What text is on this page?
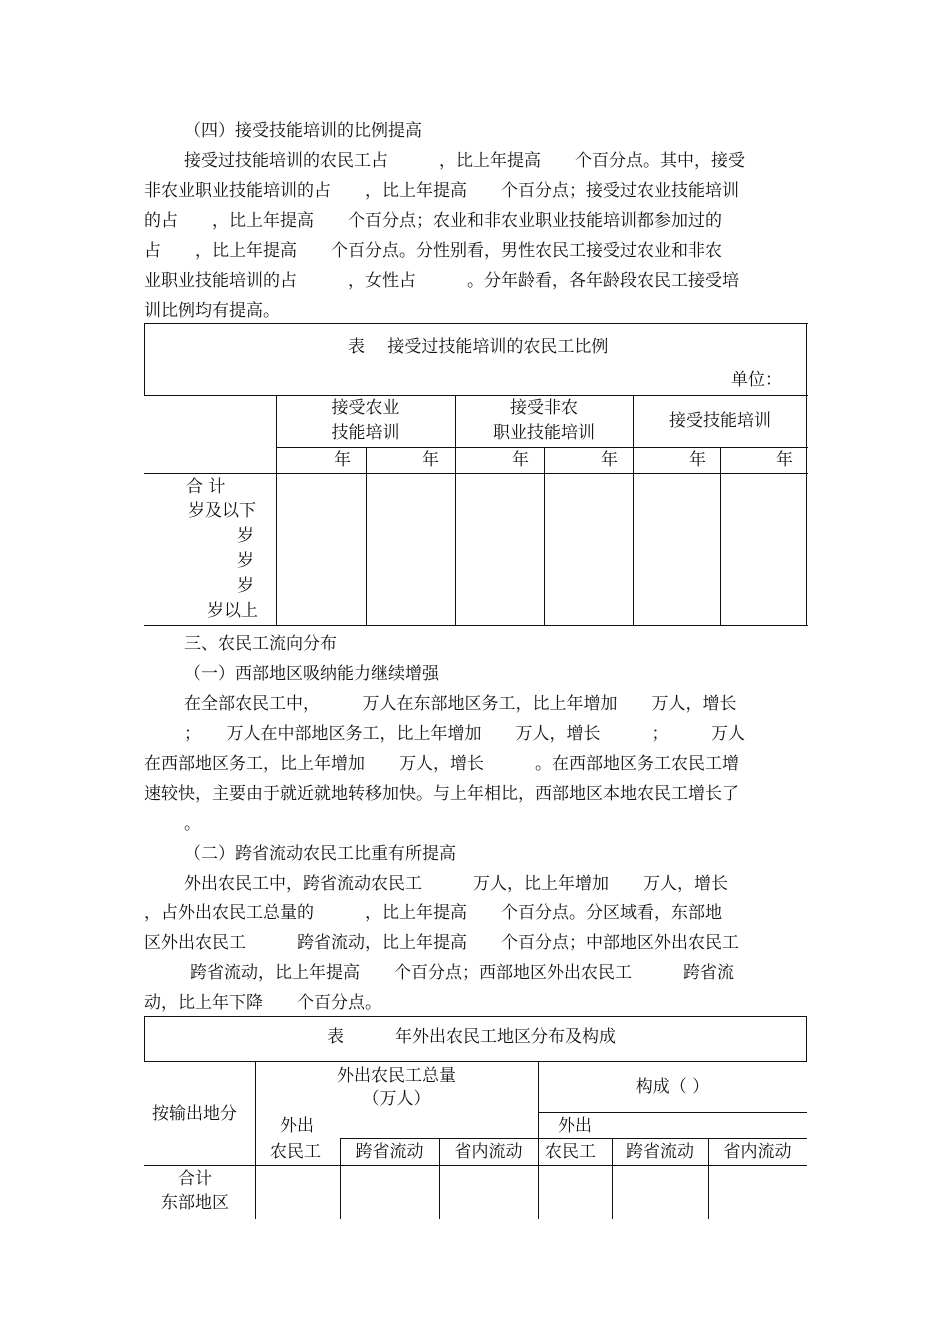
（四）接受技能培训的比例提高
接受过技能培训的农民工占　　　，比上年提高　　个百分点。其中，接受
非农业职业技能培训的占　　，比上年提高　　个百分点；接受过农业技能培训
的占　　，比上年提高　　个百分点；农业和非农业职业技能培训都参加过的
占　　，比上年提高　　个百分点。分性别看，男性农民工接受过农业和非农
业职业技能培训的占　　　，女性占　　　。分年龄看，各年龄段农民工接受培
训比例均有提高。
表　 接受过技能培训的农民工比例
单位：
接受农业
技能培训
接受非农
职业技能培训
接受技能培训
年	年	年	年	年	年
合 计
岁及以下
岁
岁
岁
岁以上
三、农民工流向分布
（一）西部地区吸纳能力继续增强
在全部农民工中，　　　万人在东部地区务工，比上年增加　　万人，增长
；　　万人在中部地区务工，比上年增加　　万人，增长　　　；　　　万人
在西部地区务工，比上年增加　　万人，增长　　　。在西部地区务工农民工增
速较快，主要由于就近就地转移加快。与上年相比，西部地区本地农民工增长了
。
（二）跨省流动农民工比重有所提高
外出农民工中，跨省流动农民工　　　万人，比上年增加　　万人，增长
，占外出农民工总量的　　　，比上年提高　　个百分点。分区域看，东部地
区外出农民工　　　跨省流动，比上年提高　　个百分点；中部地区外出农民工
跨省流动，比上年提高　　个百分点；西部地区外出农民工　　　跨省流
动，比上年下降　　个百分点。
表　　　年外出农民工地区分布及构成
按输出地分
外出农民工总量
（万人）
构成（ ）
外出
农民工	跨省流动	省内流动
外出
农民工	跨省流动	省内流动
合计
东部地区
